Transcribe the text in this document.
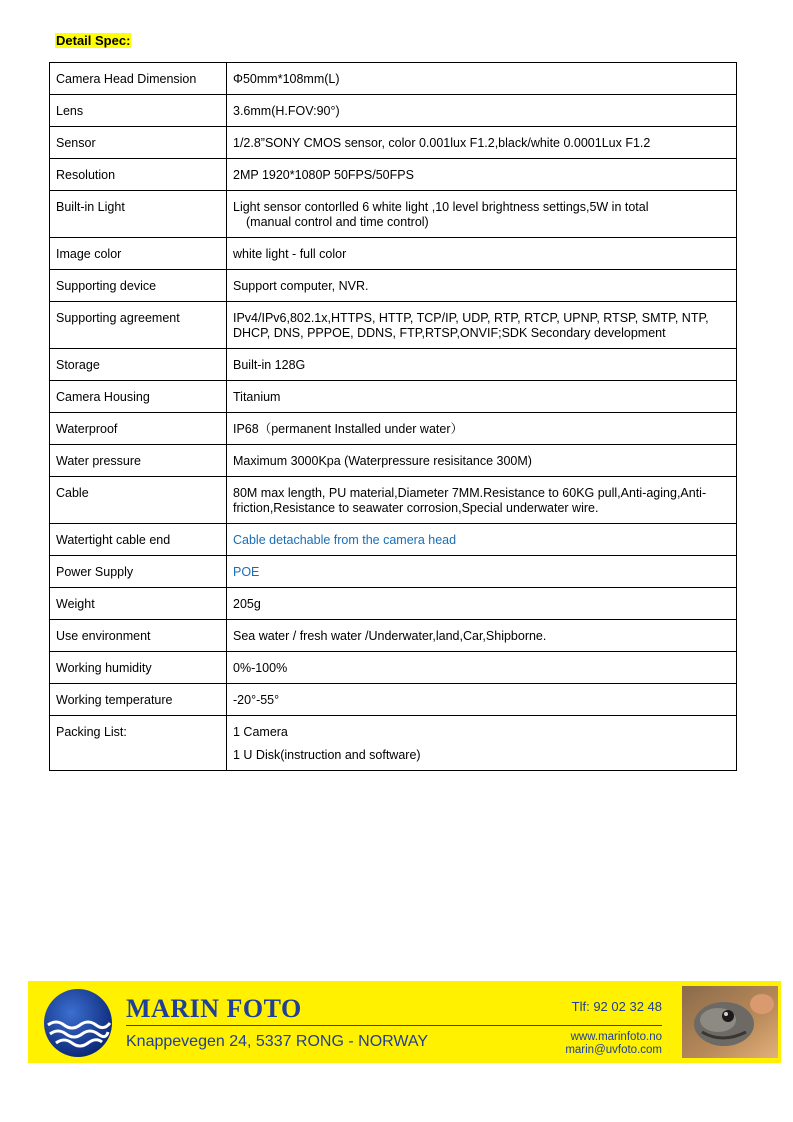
Detail Spec:
Camera Head Dimension	Φ50mm*108mm(L)
Lens	3.6mm(H.FOV:90°)
Sensor	1/2.8”SONY CMOS sensor, color 0.001lux F1.2,black/white 0.0001Lux F1.2
Resolution	2MP 1920*1080P 50FPS/50FPS
Built-in Light	Light sensor contorlled 6 white light ,10 level brightness settings,5W in total
(manual control and time control)

Image color	white light - full color
Supporting device	Support computer, NVR.
Supporting agreement	IPv4/IPv6,802.1x,HTTPS, HTTP, TCP/IP, UDP, RTP, RTCP, UPNP, RTSP, SMTP, NTP, DHCP, DNS, PPPOE, DDNS, FTP,RTSP,ONVIF;SDK Secondary development
Storage	Built-in 128G
Camera Housing	Titanium
Waterproof	IP68（permanent Installed under water）
Water pressure	Maximum 3000Kpa (Waterpressure resisitance 300M)
Cable	80M max length, PU material,Diameter 7MM.Resistance to 60KG pull,Anti-aging,Anti-friction,Resistance to seawater corrosion,Special underwater wire.
Watertight cable end	Cable detachable from the camera head
Power Supply	POE
Weight	205g
Use environment	Sea water / fresh water /Underwater,land,Car,Shipborne.
Working humidity	0%-100%
Working temperature	-20°-55°
Packing List:	1 Camera
1 U Disk(instruction and software)
MARIN FOTO
Knappevegen 24, 5337 RONG - NORWAY
Tlf: 92 02 32 48
www.marinfoto.no
marin@uvfoto.com
